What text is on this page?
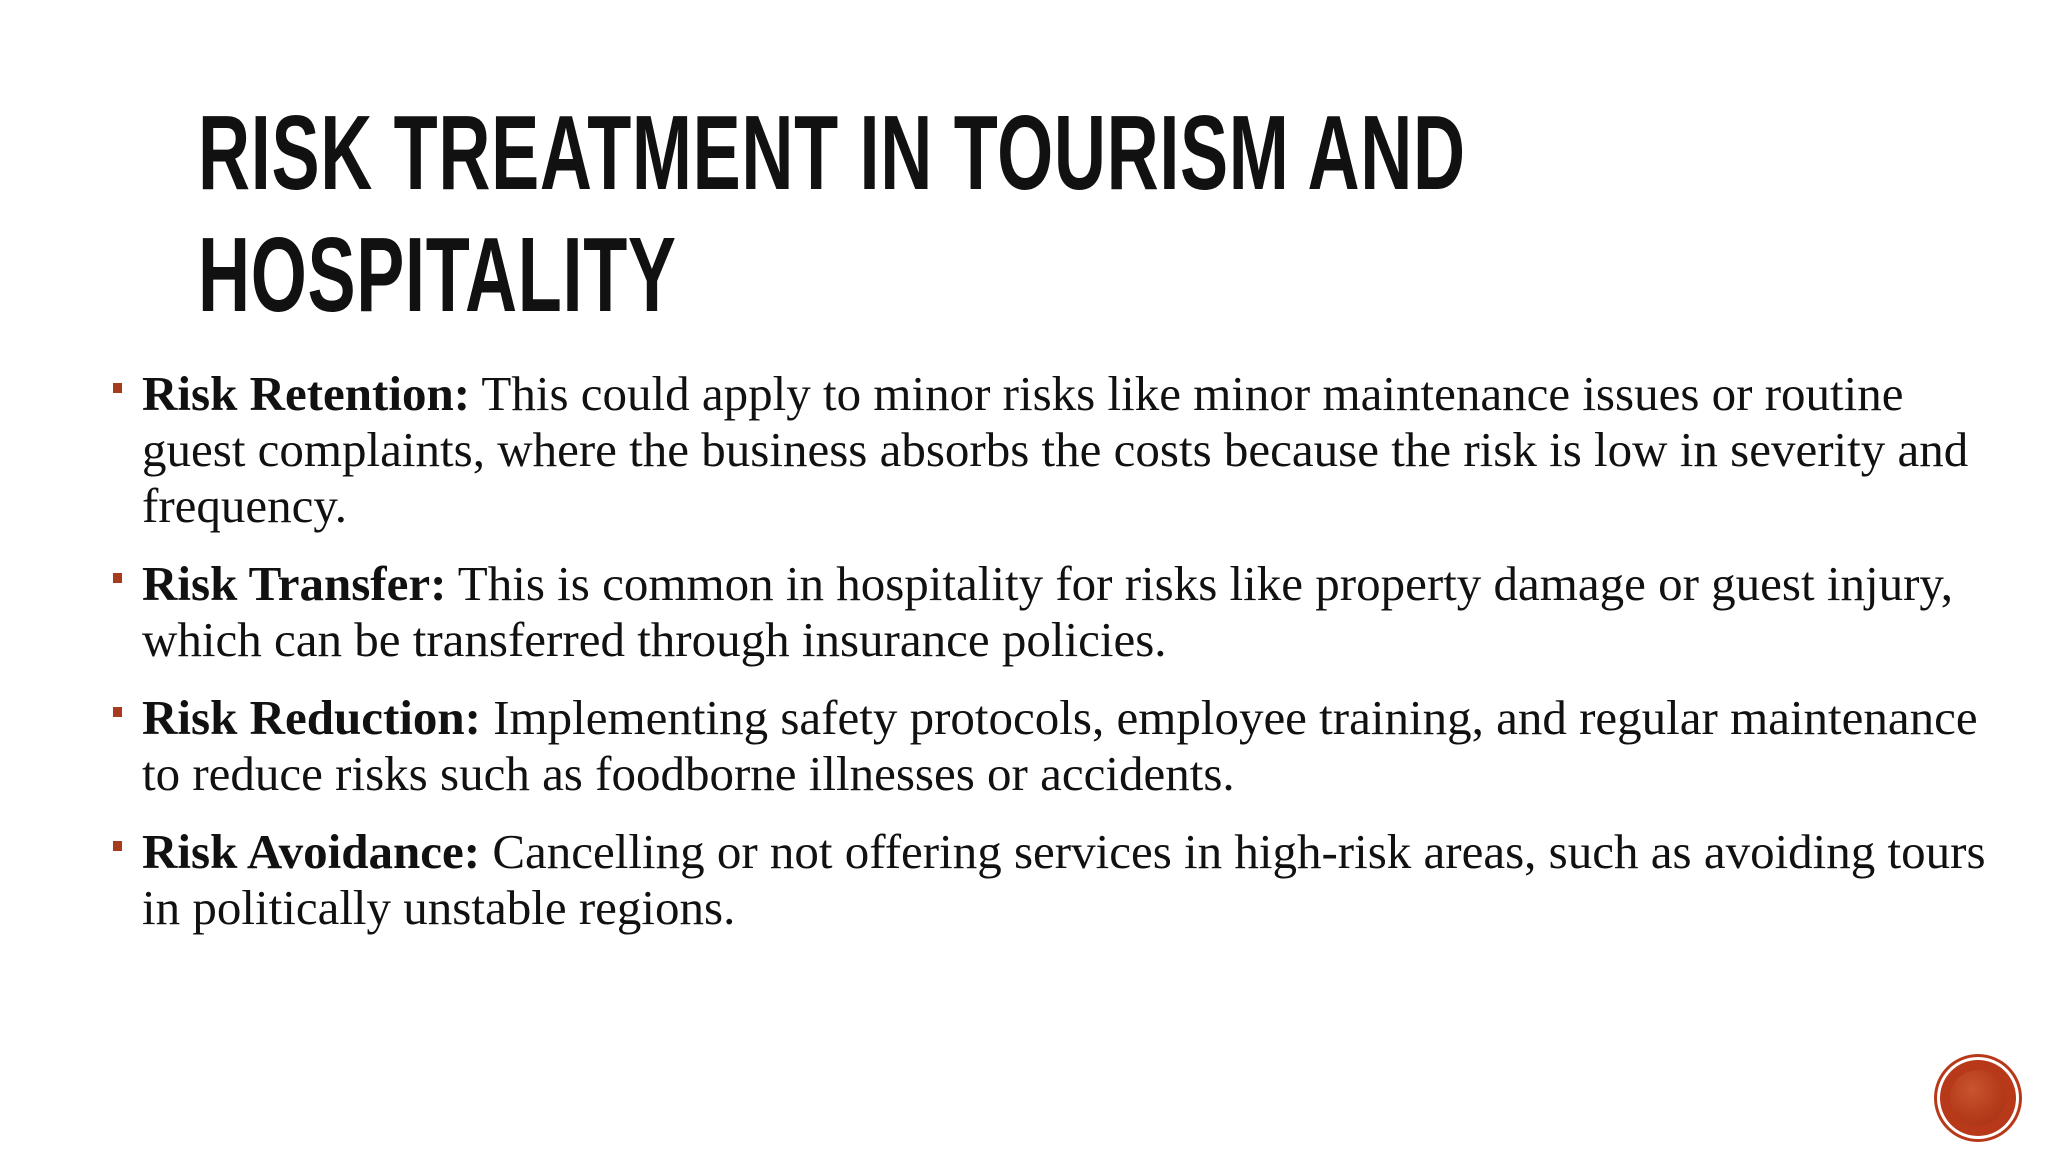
RISK TREATMENT IN TOURISM AND HOSPITALITY
Risk Retention: This could apply to minor risks like minor maintenance issues or routine guest complaints, where the business absorbs the costs because the risk is low in severity and frequency.
Risk Transfer: This is common in hospitality for risks like property damage or guest injury, which can be transferred through insurance policies.
Risk Reduction: Implementing safety protocols, employee training, and regular maintenance to reduce risks such as foodborne illnesses or accidents.
Risk Avoidance: Cancelling or not offering services in high-risk areas, such as avoiding tours in politically unstable regions.
